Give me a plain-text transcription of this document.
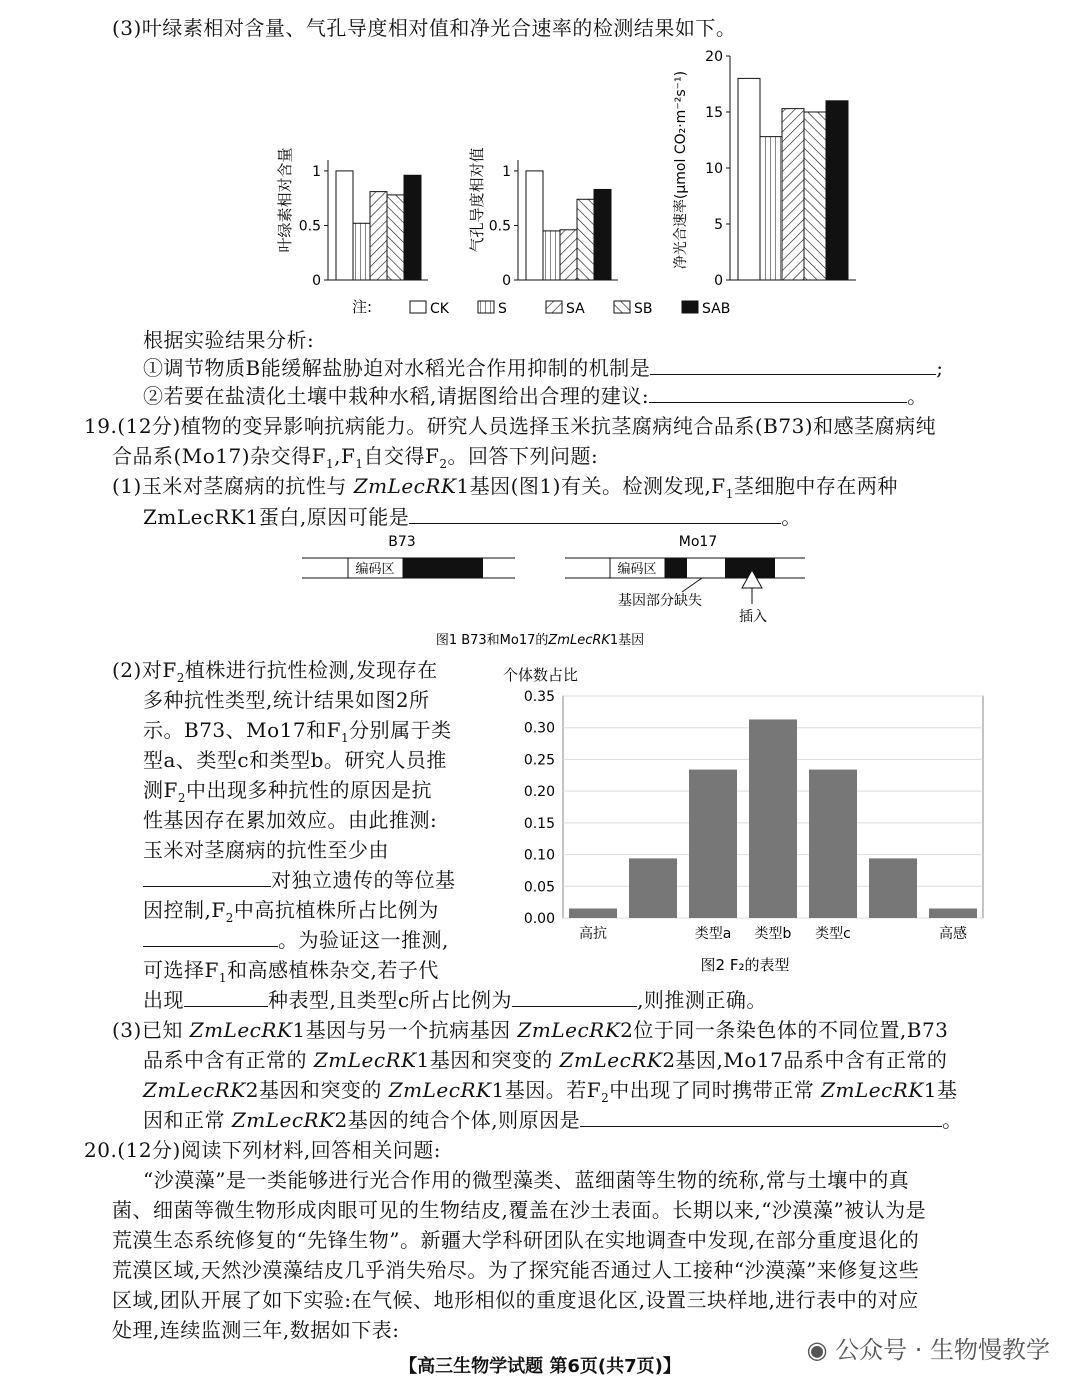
(3)叶绿素相对含量、气孔导度相对值和净光合速率的检测结果如下。
0
0.5
1
0
0.5
1
0
5
10
15
20
叶绿素相对含量	气孔导度相对值	净光合速率(μmol CO₂·m⁻²s⁻¹)
注:	CK	S	SA	SB	SAB
根据实验结果分析:
①调节物质B能缓解盐胁迫对水稻光合作用抑制的机制是	;
②若要在盐渍化土壤中栽种水稻,请据图给出合理的建议:	。
19.(12分)植物的变异影响抗病能力。研究人员选择玉米抗茎腐病纯合品系(B73)和感茎腐病纯
合品系(Mo17)杂交得$F_1,F_1$自交得$F_2$。回答下列问题:
(1)玉米对茎腐病的抗性与 ZmLecRK1基因(图1)有关。检测发现$,F_1$茎细胞中存在两种
ZmLecRK1蛋白,原因可能是	。
B73
编码区
Mo17
编码区
基因部分缺失
插入
图1 B73和Mo17的ZmLecRK1基因
(2)对$F_2$植株进行抗性检测,发现存在
多种抗性类型,统计结果如图2所
示。B73、Mo17和$F_1$分别属于类
型a、类型c和类型b。研究人员推
测$F_2$中出现多种抗性的原因是抗
性基因存在累加效应。由此推测:
玉米对茎腐病的抗性至少由
对独立遗传的等位基
因控制$,F_2$中高抗植株所占比例为
。为验证这一推测,
可选择$F_1$和高感植株杂交,若子代
出现	种表型,且类型c所占比例为	,则推测正确。
个体数占比
0.00
0.05
0.10
0.15
0.20
0.25
0.30
0.35
高抗	类型a 类型b 类型c	高感
图2 F₂的表型
(3)已知 ZmLecRK1基因与另一个抗病基因 ZmLecRK2位于同一条染色体的不同位置,B73
品系中含有正常的 ZmLecRK1基因和突变的 ZmLecRK2基因,Mo17品系中含有正常的
ZmLecRK2基因和突变的 ZmLecRK1基因。若$F_2$中出现了同时携带正常 ZmLecRK1基
因和正常 ZmLecRK2基因的纯合个体,则原因是	。
20.(12分)阅读下列材料,回答相关问题:
“沙漠藻”是一类能够进行光合作用的微型藻类、蓝细菌等生物的统称,常与土壤中的真
菌、细菌等微生物形成肉眼可见的生物结皮,覆盖在沙土表面。长期以来,“沙漠藻”被认为是
荒漠生态系统修复的“先锋生物”。新疆大学科研团队在实地调查中发现,在部分重度退化的
荒漠区域,天然沙漠藻结皮几乎消失殆尽。为了探究能否通过人工接种“沙漠藻”来修复这些
区域,团队开展了如下实验:在气候、地形相似的重度退化区,设置三块样地,进行表中的对应
处理,连续监测三年,数据如下表:
◉ 公众号 · 生物慢教学
【高三生物学试题 第6页(共7页)】
